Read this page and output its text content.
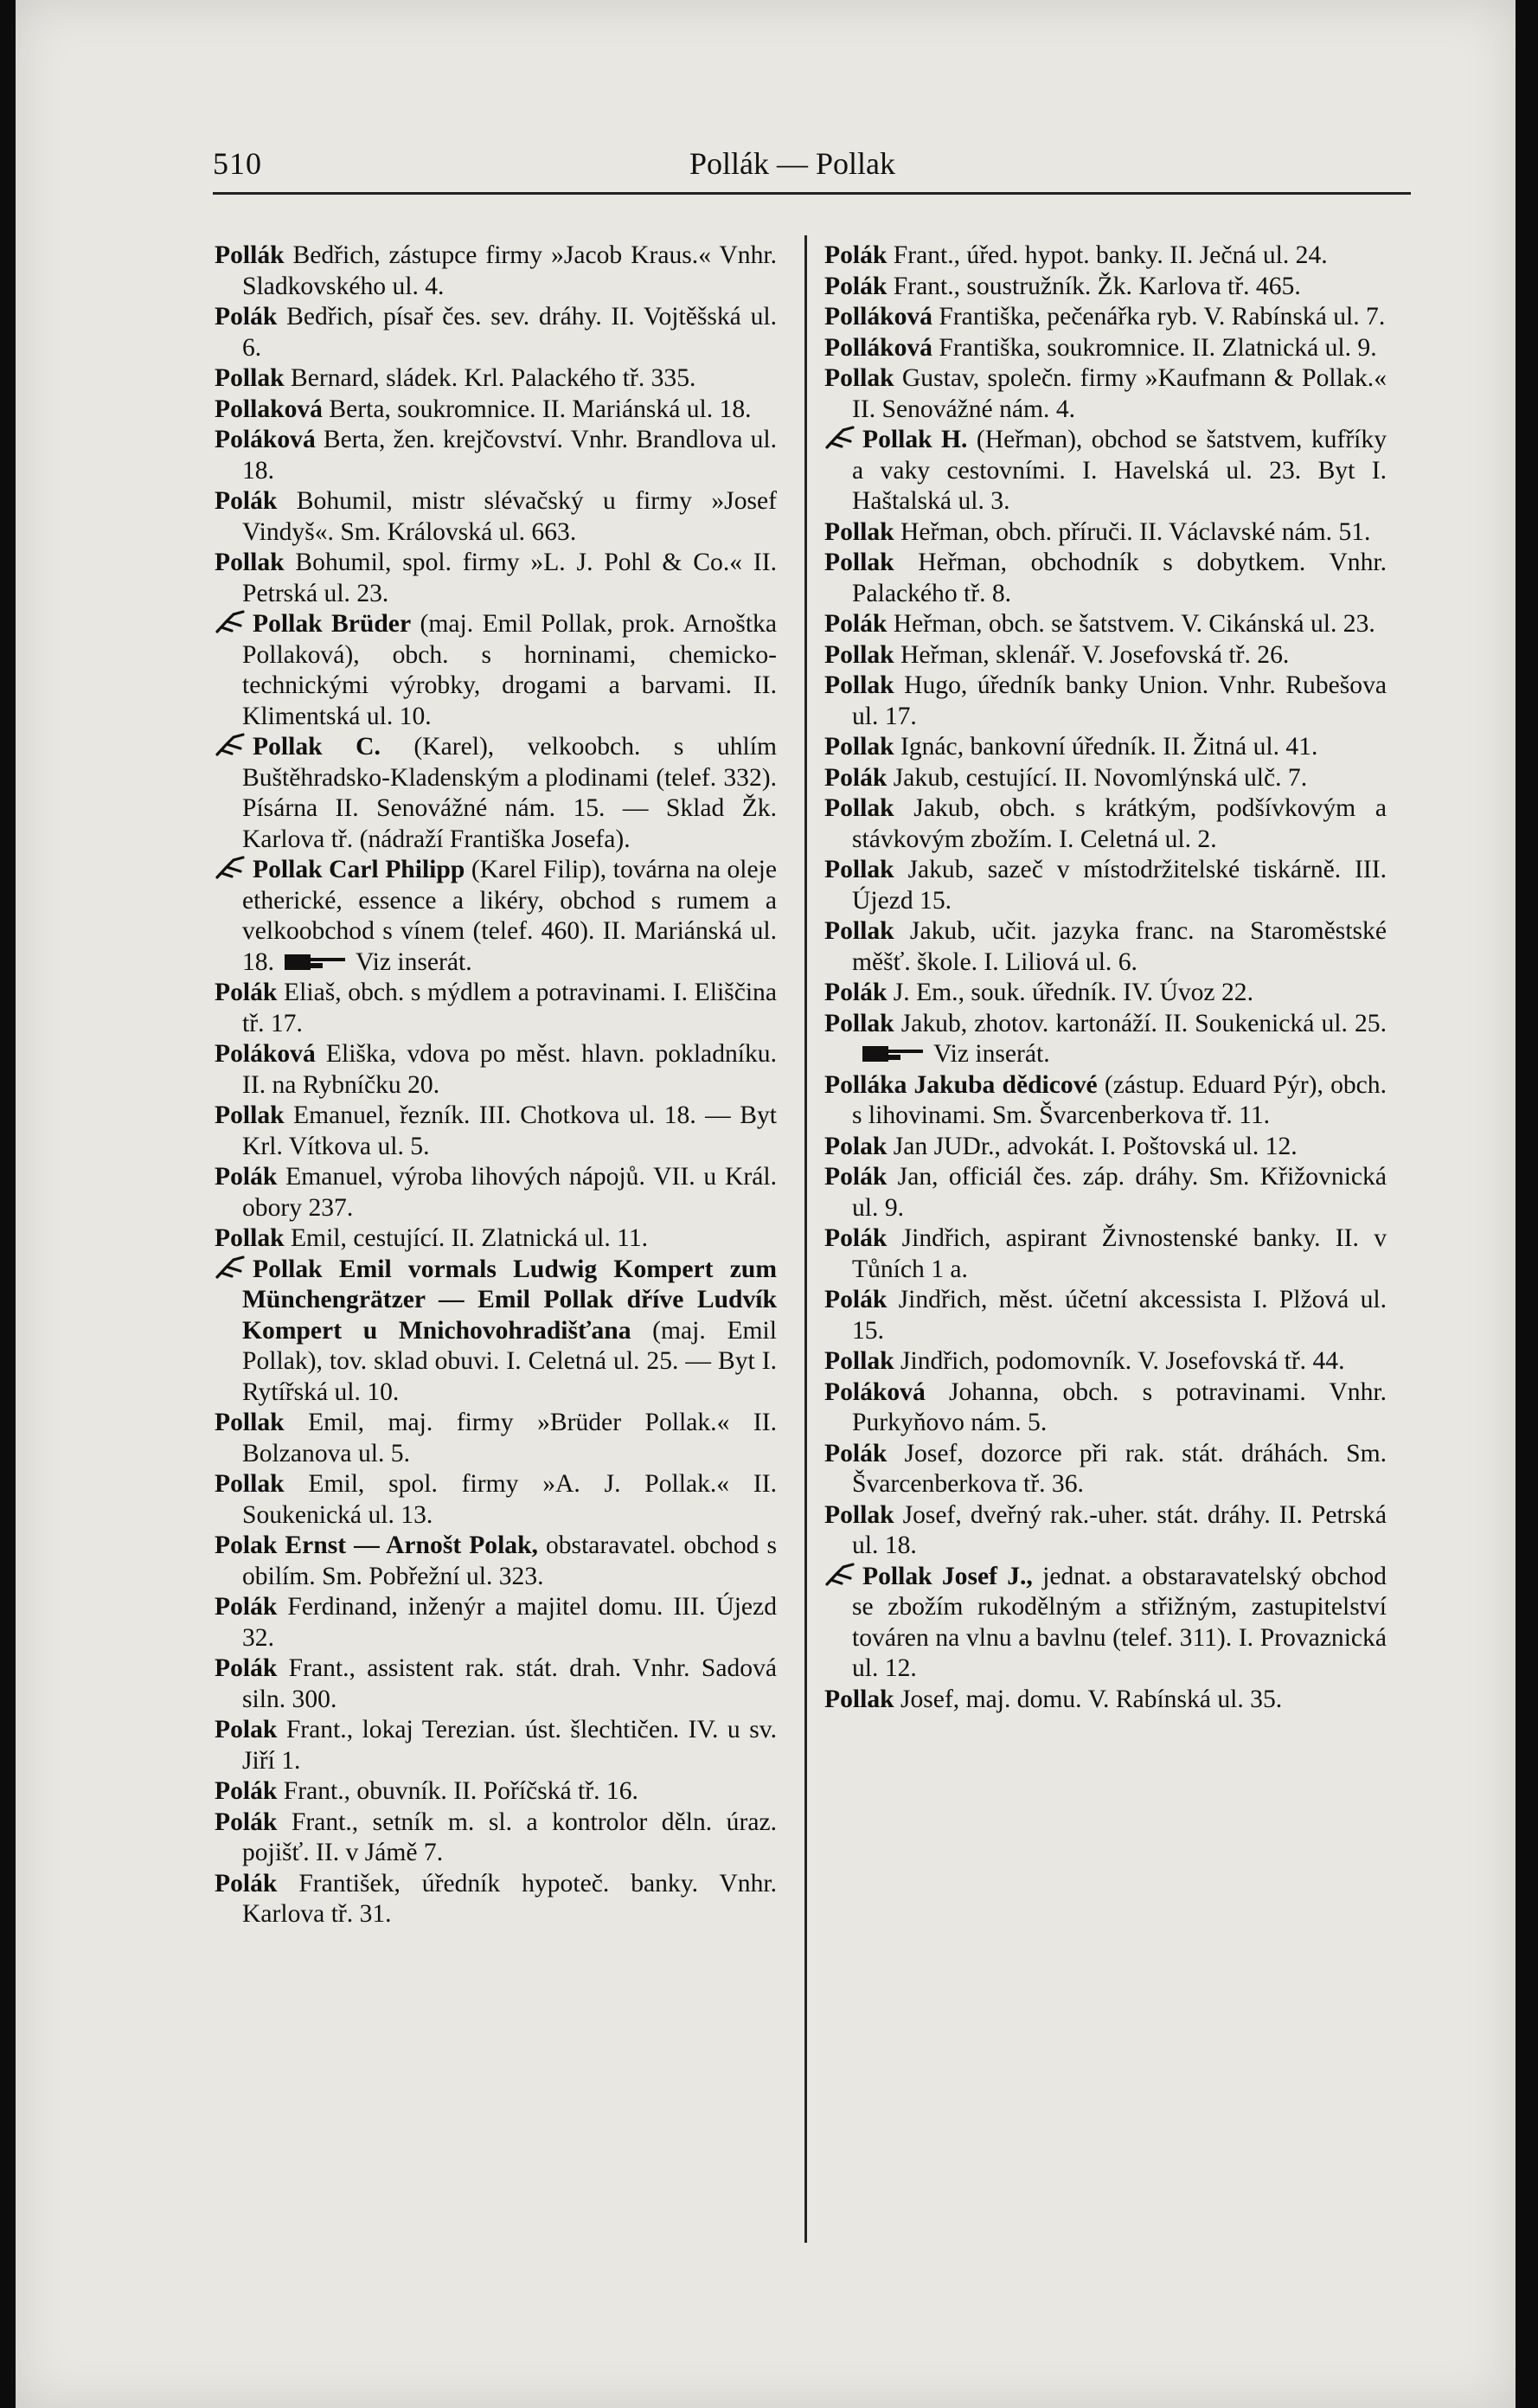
510	Pollák — Pollak

Pollák Bedřich, zástupce firmy »Jacob Kraus.« Vnhr. Sladkovského ul. 4.

Polák Bedřich, písař čes. sev. dráhy. II. Vojtěšská ul. 6.

Pollak Bernard, sládek. Krl. Palackého tř. 335.

Pollaková Berta, soukromnice. II. Mariánská ul. 18.

Poláková Berta, žen. krejčovství. Vnhr. Brandlova ul. 18.

Polák Bohumil, mistr slévačský u firmy »Josef Vindyš«. Sm. Královská ul. 663.

Pollak Bohumil, spol. firmy »L. J. Pohl & Co.« II. Petrská ul. 23.

Pollak Brüder (maj. Emil Pollak, prok. Arnoštka Pollaková), obch. s horninami, chemicko-technickými výrobky, drogami a barvami. II. Klimentská ul. 10.

Pollak C. (Karel), velkoobch. s uhlím Buštěhradsko-Kladenským a plodinami (telef. 332). Písárna II. Senovážné nám. 15. — Sklad Žk. Karlova tř. (nádraží Františka Josefa).

Pollak Carl Philipp (Karel Filip), továrna na oleje etherické, essence a likéry, obchod s rumem a velkoobchod s vínem (telef. 460). II. Mariánská ul. 18.	Viz inserát.

Polák Eliaš, obch. s mýdlem a potravinami. I. Eliščina tř. 17.

Poláková Eliška, vdova po měst. hlavn. pokladníku. II. na Rybníčku 20.

Pollak Emanuel, řezník. III. Chotkova ul. 18. — Byt Krl. Vítkova ul. 5.

Polák Emanuel, výroba lihových nápojů. VII. u Král. obory 237.

Pollak Emil, cestující. II. Zlatnická ul. 11.

Pollak Emil vormals Ludwig Kompert zum Münchengrätzer — Emil Pollak dříve Ludvík Kompert u Mnichovohradišťana (maj. Emil Pollak), tov. sklad obuvi. I. Celetná ul. 25. — Byt I. Rytířská ul. 10.

Pollak Emil, maj. firmy »Brüder Pollak.« II. Bolzanova ul. 5.

Pollak Emil, spol. firmy »A. J. Pollak.« II. Soukenická ul. 13.

Polak Ernst — Arnošt Polak, obstaravatel. obchod s obilím. Sm. Pobřežní ul. 323.

Polák Ferdinand, inženýr a majitel domu. III. Újezd 32.

Polák Frant., assistent rak. stát. drah. Vnhr. Sadová siln. 300.

Polak Frant., lokaj Terezian. úst. šlechtičen. IV. u sv. Jiří 1.

Polák Frant., obuvník. II. Poříčská tř. 16.

Polák Frant., setník m. sl. a kontrolor děln. úraz. pojišť. II. v Jámě 7.

Polák František, úředník hypoteč. banky. Vnhr. Karlova tř. 31.

Polák Frant., úřed. hypot. banky. II. Ječná ul. 24.

Polák Frant., soustružník. Žk. Karlova tř. 465.

Polláková Františka, pečenářka ryb. V. Rabínská ul. 7.

Polláková Františka, soukromnice. II. Zlatnická ul. 9.

Pollak Gustav, společn. firmy »Kaufmann & Pollak.« II. Senovážné nám. 4.

Pollak H. (Heřman), obchod se šatstvem, kufříky a vaky cestovními. I. Havelská ul. 23. Byt I. Haštalská ul. 3.

Pollak Heřman, obch. příruči. II. Václavské nám. 51.

Pollak Heřman, obchodník s dobytkem. Vnhr. Palackého tř. 8.

Polák Heřman, obch. se šatstvem. V. Cikánská ul. 23.

Pollak Heřman, sklenář. V. Josefovská tř. 26.

Pollak Hugo, úředník banky Union. Vnhr. Rubešova ul. 17.

Pollak Ignác, bankovní úředník. II. Žitná ul. 41.

Polák Jakub, cestující. II. Novomlýnská ulč. 7.

Pollak Jakub, obch. s krátkým, podšívkovým a stávkovým zbožím. I. Celetná ul. 2.

Pollak Jakub, sazeč v místodržitelské tiskárně. III. Újezd 15.

Pollak Jakub, učit. jazyka franc. na Staroměstské měšť. škole. I. Liliová ul. 6.

Polák J. Em., souk. úředník. IV. Úvoz 22.

Pollak Jakub, zhotov. kartonáží. II. Soukenická ul. 25.Viz inserát.

Polláka Jakuba dědicové (zástup. Eduard Pýr), obch. s lihovinami. Sm. Švarcenberkova tř. 11.

Polak Jan JUDr., advokát. I. Poštovská ul. 12.

Polák Jan, officiál čes. záp. dráhy. Sm. Křižovnická ul. 9.

Polák Jindřich, aspirant Živnostenské banky. II. v Tůních 1 a.

Polák Jindřich, měst. účetní akcessista I. Plžová ul. 15.

Pollak Jindřich, podomovník. V. Josefovská tř. 44.

Poláková Johanna, obch. s potravinami. Vnhr. Purkyňovo nám. 5.

Polák Josef, dozorce při rak. stát. dráhách. Sm. Švarcenberkova tř. 36.

Pollak Josef, dveřný rak.-uher. stát. dráhy. II. Petrská ul. 18.

Pollak Josef J., jednat. a obstaravatelský obchod se zbožím rukodělným a střižným, zastupitelství továren na vlnu a bavlnu (telef. 311). I. Provaznická ul. 12.

Pollak Josef, maj. domu. V. Rabínská ul. 35.
